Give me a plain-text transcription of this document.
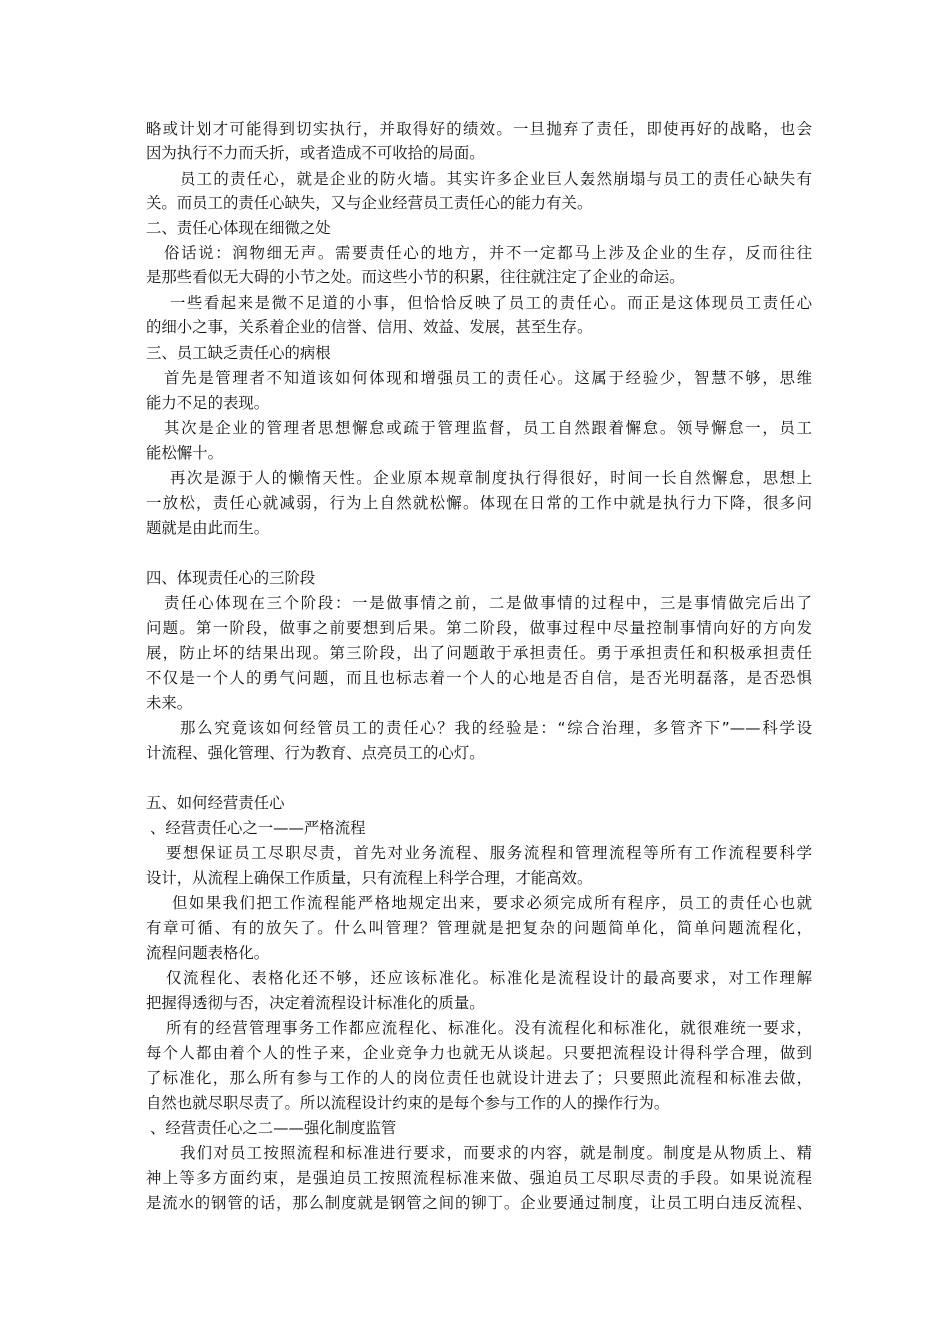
略或计划才可能得到切实执行，并取得好的绩效。一旦抛弃了责任，即使再好的战略，也会
因为执行不力而夭折，或者造成不可收拾的局面。
员工的责任心，就是企业的防火墙。其实许多企业巨人轰然崩塌与员工的责任心缺失有
关。而员工的责任心缺失，又与企业经营员工责任心的能力有关。
二、责任心体现在细微之处
俗话说：润物细无声。需要责任心的地方，并不一定都马上涉及企业的生存，反而往往
是那些看似无大碍的小节之处。而这些小节的积累，往往就注定了企业的命运。
一些看起来是微不足道的小事，但恰恰反映了员工的责任心。而正是这体现员工责任心
的细小之事，关系着企业的信誉、信用、效益、发展，甚至生存。
三、员工缺乏责任心的病根
首先是管理者不知道该如何体现和增强员工的责任心。这属于经验少，智慧不够，思维
能力不足的表现。
其次是企业的管理者思想懈怠或疏于管理监督，员工自然跟着懈怠。领导懈怠一，员工
能松懈十。
再次是源于人的懒惰天性。企业原本规章制度执行得很好，时间一长自然懈怠，思想上
一放松，责任心就减弱，行为上自然就松懈。体现在日常的工作中就是执行力下降，很多问
题就是由此而生。
四、体现责任心的三阶段
责任心体现在三个阶段：一是做事情之前，二是做事情的过程中，三是事情做完后出了
问题。第一阶段，做事之前要想到后果。第二阶段，做事过程中尽量控制事情向好的方向发
展，防止坏的结果出现。第三阶段，出了问题敢于承担责任。勇于承担责任和积极承担责任
不仅是一个人的勇气问题，而且也标志着一个人的心地是否自信，是否光明磊落，是否恐惧
未来。
那么究竟该如何经管员工的责任心？我的经验是：“综合治理，多管齐下”——科学设
计流程、强化管理、行为教育、点亮员工的心灯。
五、如何经营责任心
、经营责任心之一——严格流程
要想保证员工尽职尽责，首先对业务流程、服务流程和管理流程等所有工作流程要科学
设计，从流程上确保工作质量，只有流程上科学合理，才能高效。
但如果我们把工作流程能严格地规定出来，要求必须完成所有程序，员工的责任心也就
有章可循、有的放矢了。什么叫管理？管理就是把复杂的问题简单化，简单问题流程化，
流程问题表格化。
仅流程化、表格化还不够，还应该标准化。标准化是流程设计的最高要求，对工作理解
把握得透彻与否，决定着流程设计标准化的质量。
所有的经营管理事务工作都应流程化、标准化。没有流程化和标准化，就很难统一要求，
每个人都由着个人的性子来，企业竞争力也就无从谈起。只要把流程设计得科学合理，做到
了标准化，那么所有参与工作的人的岗位责任也就设计进去了；只要照此流程和标准去做，
自然也就尽职尽责了。所以流程设计约束的是每个参与工作的人的操作行为。
、经营责任心之二——强化制度监管
我们对员工按照流程和标准进行要求，而要求的内容，就是制度。制度是从物质上、精
神上等多方面约束，是强迫员工按照流程标准来做、强迫员工尽职尽责的手段。如果说流程
是流水的钢管的话，那么制度就是钢管之间的铆丁。企业要通过制度，让员工明白违反流程、
